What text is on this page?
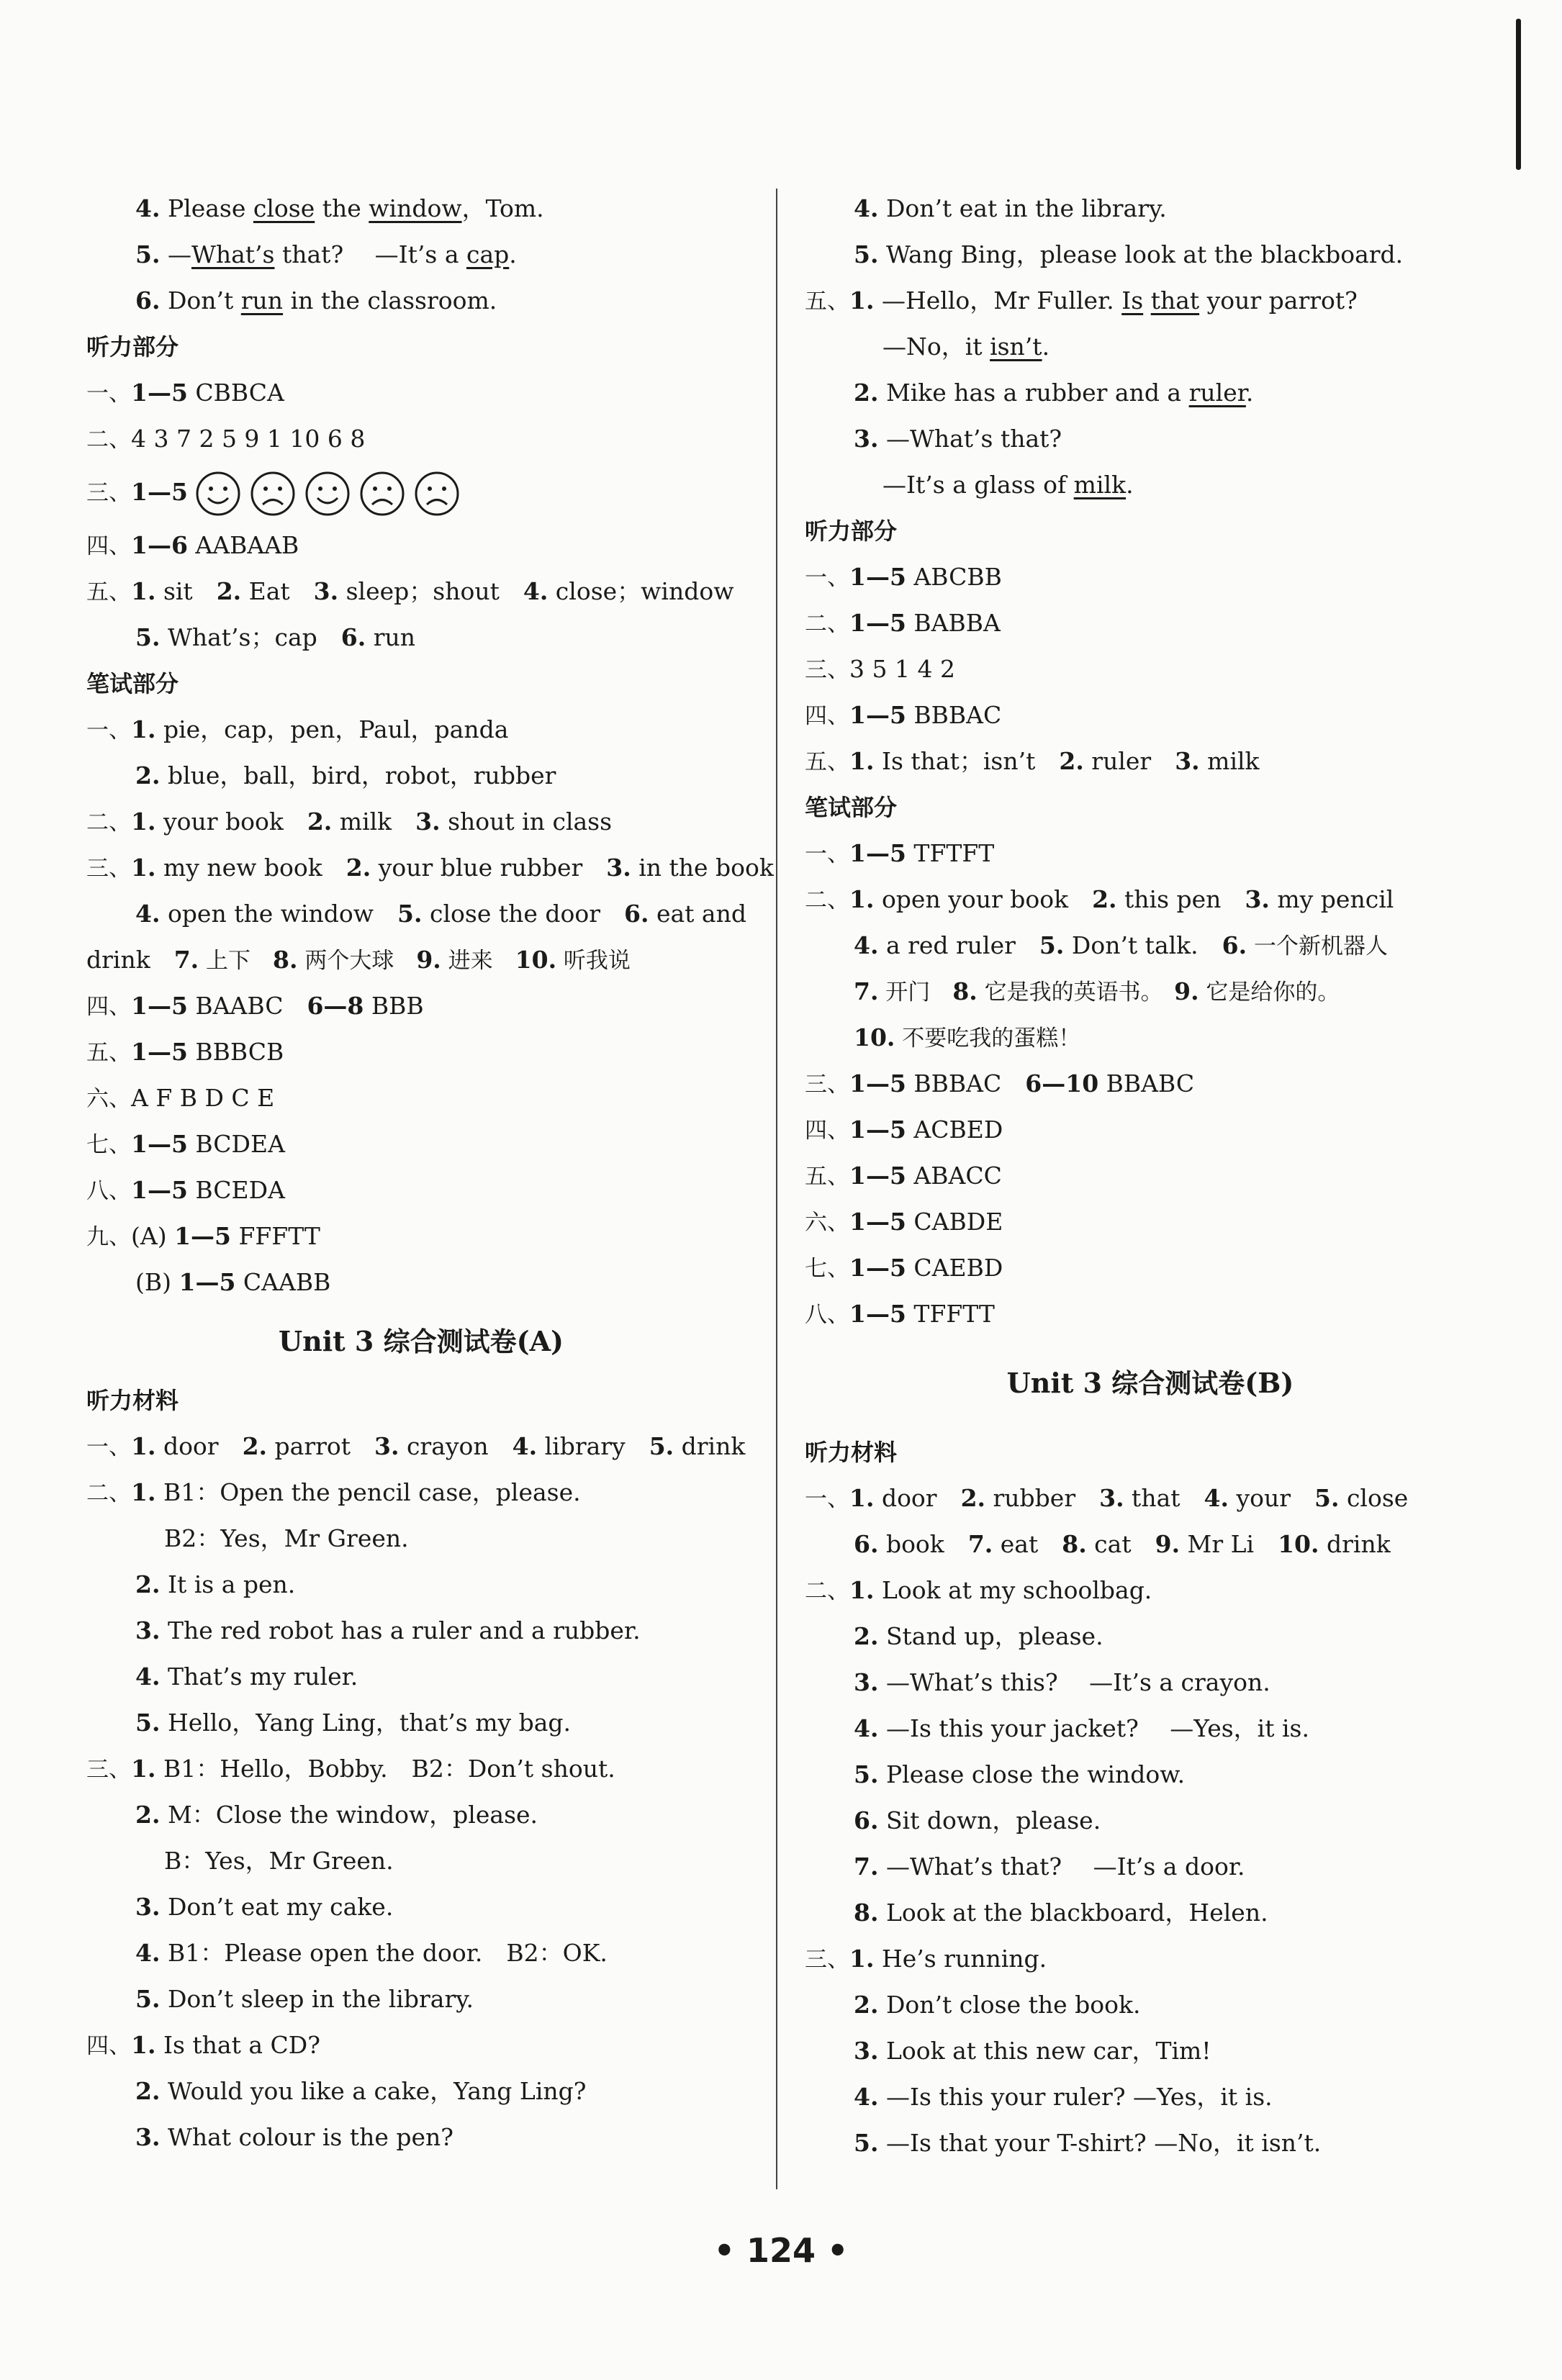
4. Please close the window，Tom.
5. —What’s that?　 —It’s a cap.
6. Don’t run in the classroom.
听力部分
一、1—5 CBBCA
二、4 3 7 2 5 9 1 10 6 8
三、1—5
四、1—6 AABAAB
五、1. sit　2. Eat　3. sleep；shout　4. close；window
5. What’s；cap　6. run
笔试部分
一、1. pie，cap，pen，Paul，panda
2. blue，ball，bird，robot，rubber
二、1. your book　2. milk　3. shout in class
三、1. my new book　2. your blue rubber　3. in the book
4. open the window　5. close the door　6. eat and
drink　7. 上下　8. 两个大球　9. 进来　10. 听我说
四、1—5 BAABC　6—8 BBB
五、1—5 BBBCB
六、A F B D C E
七、1—5 BCDEA
八、1—5 BCEDA
九、(A) 1—5 FFFTT
(B) 1—5 CAABB
Unit 3 综合测试卷(A)
听力材料
一、1. door　2. parrot　3. crayon　4. library　5. drink
二、1. B1：Open the pencil case，please.
B2：Yes，Mr Green.
2. It is a pen.
3. The red robot has a ruler and a rubber.
4. That’s my ruler.
5. Hello，Yang Ling，that’s my bag.
三、1. B1：Hello，Bobby.　B2：Don’t shout.
2. M：Close the window，please.
B：Yes，Mr Green.
3. Don’t eat my cake.
4. B1：Please open the door.　B2：OK.
5. Don’t sleep in the library.
四、1. Is that a CD?
2. Would you like a cake，Yang Ling?
3. What colour is the pen?
4. Don’t eat in the library.
5. Wang Bing，please look at the blackboard.
五、1. —Hello，Mr Fuller. Is that your parrot?
—No，it isn’t.
2. Mike has a rubber and a ruler.
3. —What’s that?
—It’s a glass of milk.
听力部分
一、1—5 ABCBB
二、1—5 BABBA
三、3 5 1 4 2
四、1—5 BBBAC
五、1. Is that；isn’t　2. ruler　3. milk
笔试部分
一、1—5 TFTFT
二、1. open your book　2. this pen　3. my pencil
4. a red ruler　5. Don’t talk.　6. 一个新机器人
7. 开门　8. 它是我的英语书。　9. 它是给你的。
10. 不要吃我的蛋糕！
三、1—5 BBBAC　6—10 BBABC
四、1—5 ACBED
五、1—5 ABACC
六、1—5 CABDE
七、1—5 CAEBD
八、1—5 TFFTT
Unit 3 综合测试卷(B)
听力材料
一、1. door　2. rubber　3. that　4. your　5. close
6. book　7. eat　8. cat　9. Mr Li　10. drink
二、1. Look at my schoolbag.
2. Stand up，please.
3. —What’s this?　 —It’s a crayon.
4. —Is this your jacket?　 —Yes，it is.
5. Please close the window.
6. Sit down，please.
7. —What’s that?　 —It’s a door.
8. Look at the blackboard，Helen.
三、1. He’s running.
2. Don’t close the book.
3. Look at this new car，Tim!
4. —Is this your ruler? —Yes，it is.
5. —Is that your T-shirt? —No，it isn’t.
• 124 •
